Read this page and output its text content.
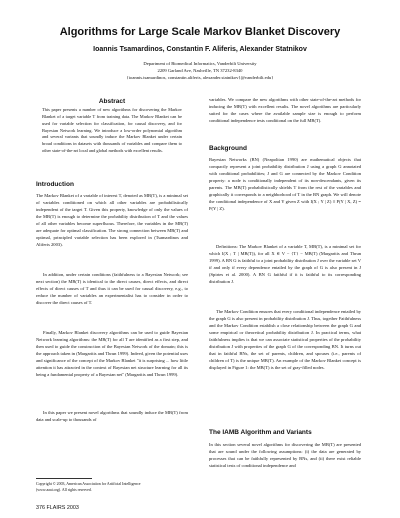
Algorithms for Large Scale Markov Blanket Discovery
Ioannis Tsamardinos, Constantin F. Aliferis, Alexander Statnikov
Department of Biomedical Informatics, Vanderbilt University
2209 Garland Ave, Nashville, TN 37232-8340
{ioannis.tsamardinos, constantin.aliferis, alexander.statnikov}@vanderbilt.edu}
Abstract
This paper presents a number of new algorithms for discovering the Markov Blanket of a target variable T from training data. The Markov Blanket can be used for variable selection for classification, for causal discovery, and for Bayesian Network learning. We introduce a low-order polynomial algorithm and several variants that soundly induce the Markov Blanket under certain broad conditions in datasets with thousands of variables and compare them to other state-of-the-art local and global methods with excellent results.
Introduction
The Markov Blanket of a variable of interest T, denoted as MB(T), is a minimal set of variables conditioned on which all other variables are probabilistically independent of the target T. Given this property, knowledge of only the values of the MB(T) is enough to determine the probability distribution of T and the values of all other variables become superfluous. Therefore, the variables in the MB(T) are adequate for optimal classification. The strong connection between MB(T) and optimal, principled variable selection has been explored in (Tsamardinos and Aliferis 2003).
In addition, under certain conditions (faithfulness to a Bayesian Network; see next section) the MB(T) is identical to the direct causes, direct effects, and direct effects of direct causes of T and thus it can be used for causal discovery, e.g., to reduce the number of variables an experimentalist has to consider in order to discover the direct causes of T.
Finally, Markov Blanket discovery algorithms can be used to guide Bayesian Network learning algorithms: the MB(T) for all T are identified as a first step, and then used to guide the construction of the Bayesian Network of the domain; this is the approach taken in (Margaritis and Thrun 1999). Indeed, given the potential uses and significance of the concept of the Markov Blanket "it is surprising ... how little attention it has attracted in the context of Bayesian net structure learning for all its being a fundamental property of a Bayesian net" (Margaritis and Thrun 1999).
In this paper we present novel algorithms that soundly induce the MB(T) from data and scale-up to thousands of
Copyright © 2003, American Association for Artificial Intelligence
(www.aaai.org). All rights reserved.
variables. We compare the new algorithms with other state-of-the-art methods for inducing the MB(T) with excellent results. The novel algorithms are particularly suited for the cases where the available sample size is enough to perform conditional independence tests conditional on the full MB(T).
Background
Bayesian Networks (BN) (Neapolitan 1990) are mathematical objects that compactly represent a joint probability distribution J using a graph G annotated with conditional probabilities; J and G are connected by the Markov Condition property: a node is conditionally independent of its non-descendants, given its parents. The MB(T) probabilistically shields T from the rest of the variables and graphically it corresponds to a neighborhood of T in the BN graph. We will denote the conditional independence of X and Y given Z with I(X ; Y | Z) ≡ P(Y | X, Z) = P(Y | Z).
Definitions: The Markov Blanket of a variable T, MB(T), is a minimal set for which I(X ; T | MB(T)), for all X ∈ V − {T} − MB(T) (Margaritis and Thrun 1999). A BN G is faithful to a joint probability distribution J over the variable set V if and only if every dependence entailed by the graph of G is also present in J (Spirtes et al. 2000). A BN G faithful if it is faithful to its corresponding distribution J.
The Markov Condition ensures that every conditional independence entailed by the graph G is also present in probability distribution J. Thus, together Faithfulness and the Markov Condition establish a close relationship between the graph G and some empirical or theoretical probability distribution J. In practical terms, what faithfulness implies is that we can associate statistical properties of the probability distribution J with properties of the graph G of the corresponding BN. It turns out that in faithful BNs, the set of parents, children, and spouses (i.e., parents of children of T) is the unique MB(T). An example of the Markov Blanket concept is displayed in Figure 1: the MB(T) is the set of gray-filled nodes.
The IAMB Algorithm and Variants
In this section several novel algorithms for discovering the MB(T) are presented that are sound under the following assumptions: (i) the data are generated by processes that can be faithfully represented by BNs, and (ii) there exist reliable statistical tests of conditional independence and
376 FLAIRS 2003
